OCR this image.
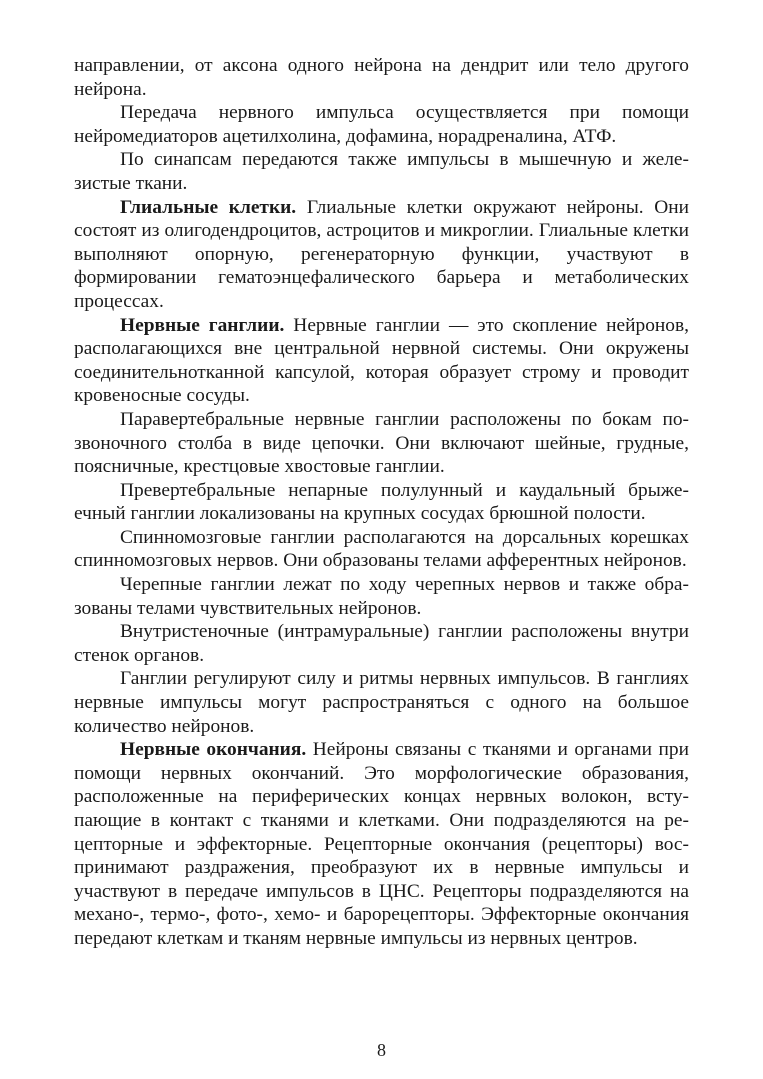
направлении, от аксона одного нейрона на дендрит или тело другого нейрона.

Передача нервного импульса осуществляется при помощи нейромедиаторов ацетилхолина, дофамина, норадреналина, АТФ.

По синапсам передаются также импульсы в мышечную и железистые ткани.

Глиальные клетки. Глиальные клетки окружают нейроны. Они состоят из олигодендроцитов, астроцитов и микроглии. Глиальные клетки выполняют опорную, регенераторную функции, участвуют в формировании гематоэнцефалического барьера и метаболических процессах.

Нервные ганглии. Нервные ганглии — это скопление нейронов, располагающихся вне центральной нервной системы. Они окружены соединительнотканной капсулой, которая образует строму и проводит кровеносные сосуды.

Паравертебральные нервные ганглии расположены по бокам позвоночного столба в виде цепочки. Они включают шейные, грудные, поясничные, крестцовые хвостовые ганглии.

Превертебральные непарные полулунный и каудальный брыжеечный ганглии локализованы на крупных сосудах брюшной полости.

Спинномозговые ганглии располагаются на дорсальных корешках спинномозговых нервов. Они образованы телами афферентных нейронов.

Черепные ганглии лежат по ходу черепных нервов и также образованы телами чувствительных нейронов.

Внутристеночные (интрамуральные) ганглии расположены внутри стенок органов.

Ганглии регулируют силу и ритмы нервных импульсов. В ганглиях нервные импульсы могут распространяться с одного на большое количество нейронов.

Нервные окончания. Нейроны связаны с тканями и органами при помощи нервных окончаний. Это морфологические образования, расположенные на периферических концах нервных волокон, вступающие в контакт с тканями и клетками. Они подразделяются на рецепторные и эффекторные. Рецепторные окончания (рецепторы) воспринимают раздражения, преобразуют их в нервные импульсы и участвуют в передаче импульсов в ЦНС. Рецепторы подразделяются на механо-, термо-, фото-, хемо- и барорецепторы. Эффекторные окончания передают клеткам и тканям нервные импульсы из нервных центров.

8
